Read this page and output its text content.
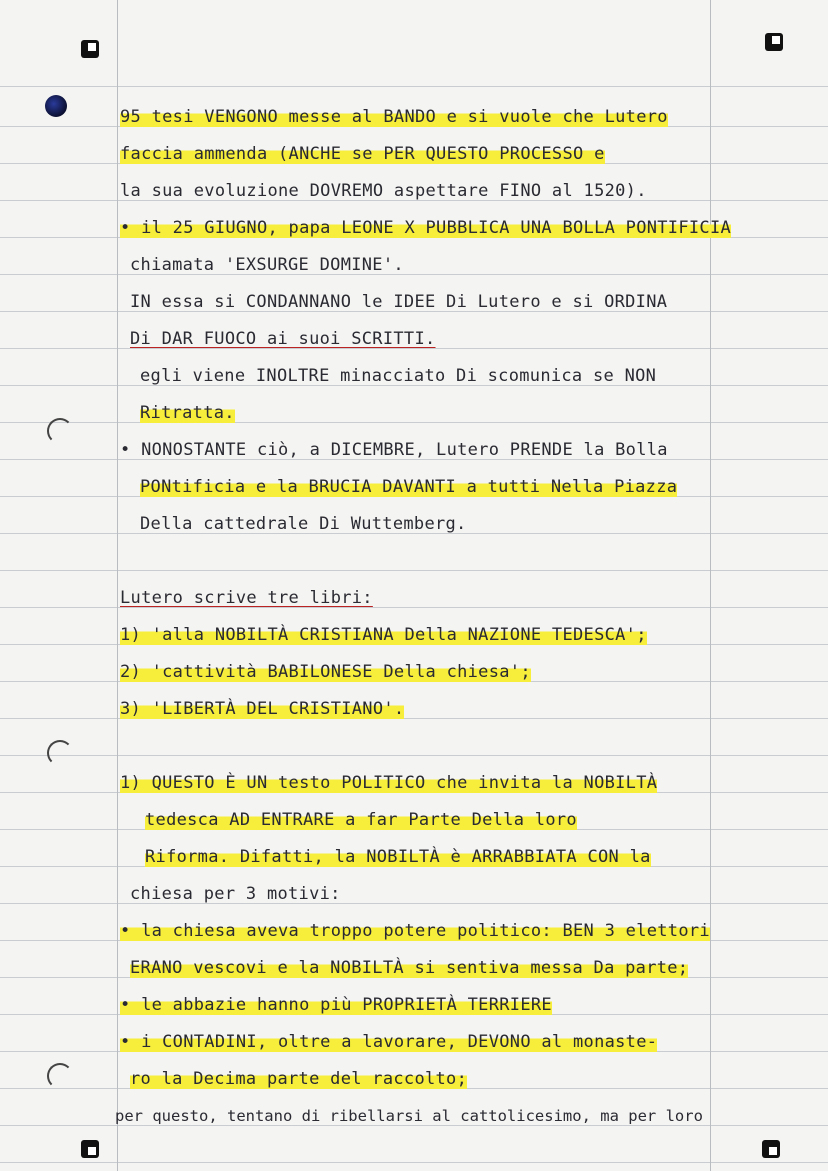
95 tesi VENGONO messe al BANDO e si vuole che Lutero
faccia ammenda (ANCHE se PER QUESTO PROCESSO e
la sua evoluzione DOVREMO aspettare FINO al 1520).
• il 25 GIUGNO, papa LEONE X PUBBLICA UNA BOLLA PONTIFICIA
chiamata 'EXSURGE DOMINE'.
IN essa si CONDANNANO le IDEE Di Lutero e si ORDINA
Di DAR FUOCO ai suoi SCRITTI.
egli viene INOLTRE minacciato Di scomunica se NON
Ritratta.
• NONOSTANTE ciò, a DICEMBRE, Lutero PRENDE la Bolla
PONtificia e la BRUCIA DAVANTI a tutti Nella Piazza
Della cattedrale Di Wuttemberg.
Lutero scrive tre libri:
1) 'alla NOBILTÀ CRISTIANA Della NAZIONE TEDESCA';
2) 'cattività BABILONESE Della chiesa';
3) 'LIBERTÀ DEL CRISTIANO'.
1) QUESTO È UN testo POLITICO che invita la NOBILTÀ
tedesca AD ENTRARE a far Parte Della loro
Riforma. Difatti, la NOBILTÀ è ARRABBIATA CON la
chiesa per 3 motivi:
• la chiesa aveva troppo potere politico: BEN 3 elettori
ERANO vescovi e la NOBILTÀ si sentiva messa Da parte;
• le abbazie hanno più PROPRIETÀ TERRIERE
• i CONTADINI, oltre a lavorare, DEVONO al monaste-
ro la Decima parte del raccolto;
per questo, tentano di ribellarsi al cattolicesimo, ma per loro
